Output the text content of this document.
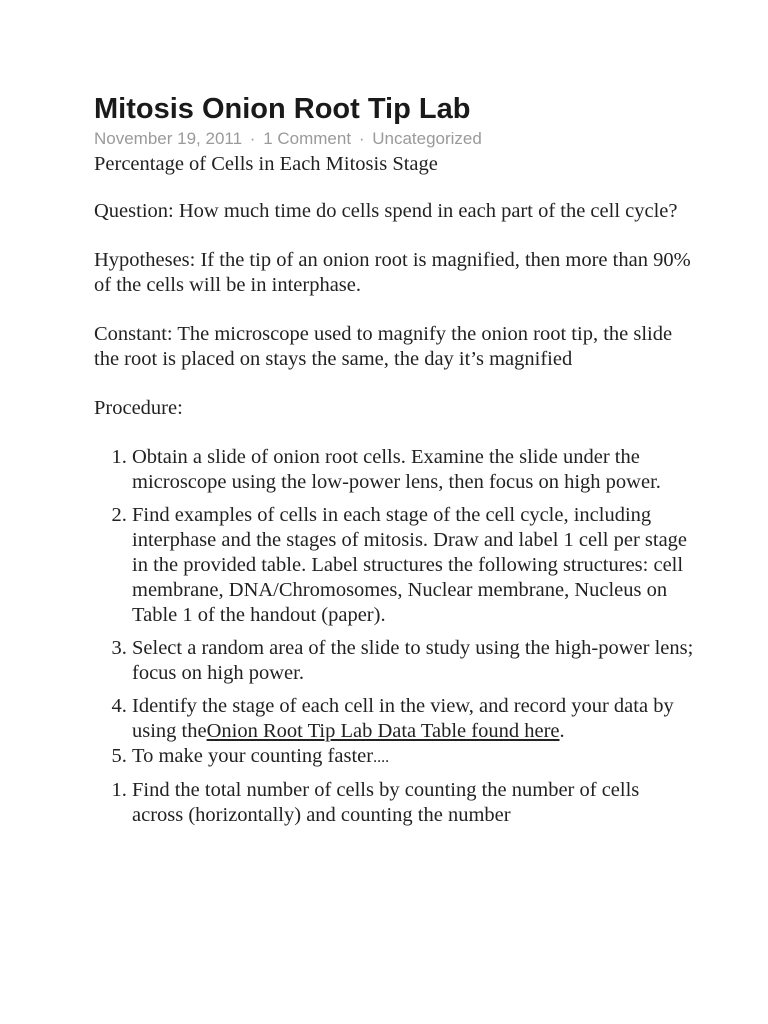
Mitosis Onion Root Tip Lab
November 19, 2011 · 1 Comment · Uncategorized

Percentage of Cells in Each Mitosis Stage

Question: How much time do cells spend in each part of the cell cycle?

Hypotheses: If the tip of an onion root is magnified, then more than 90% of the cells will be in interphase.

Constant: The microscope used to magnify the onion root tip, the slide the root is placed on stays the same, the day it’s magnified

Procedure:

1. Obtain a slide of onion root cells. Examine the slide under the microscope using the low-power lens, then focus on high power.
2. Find examples of cells in each stage of the cell cycle, including interphase and the stages of mitosis. Draw and label 1 cell per stage in the provided table. Label structures the following structures: cell membrane, DNA/Chromosomes, Nuclear membrane, Nucleus on Table 1 of the handout (paper).
3. Select a random area of the slide to study using the high-power lens; focus on high power.
4. Identify the stage of each cell in the view, and record your data by using theOnion Root Tip Lab Data Table found here.
5. To make your counting faster....
1. Find the total number of cells by counting the number of cells across (horizontally) and counting the number
